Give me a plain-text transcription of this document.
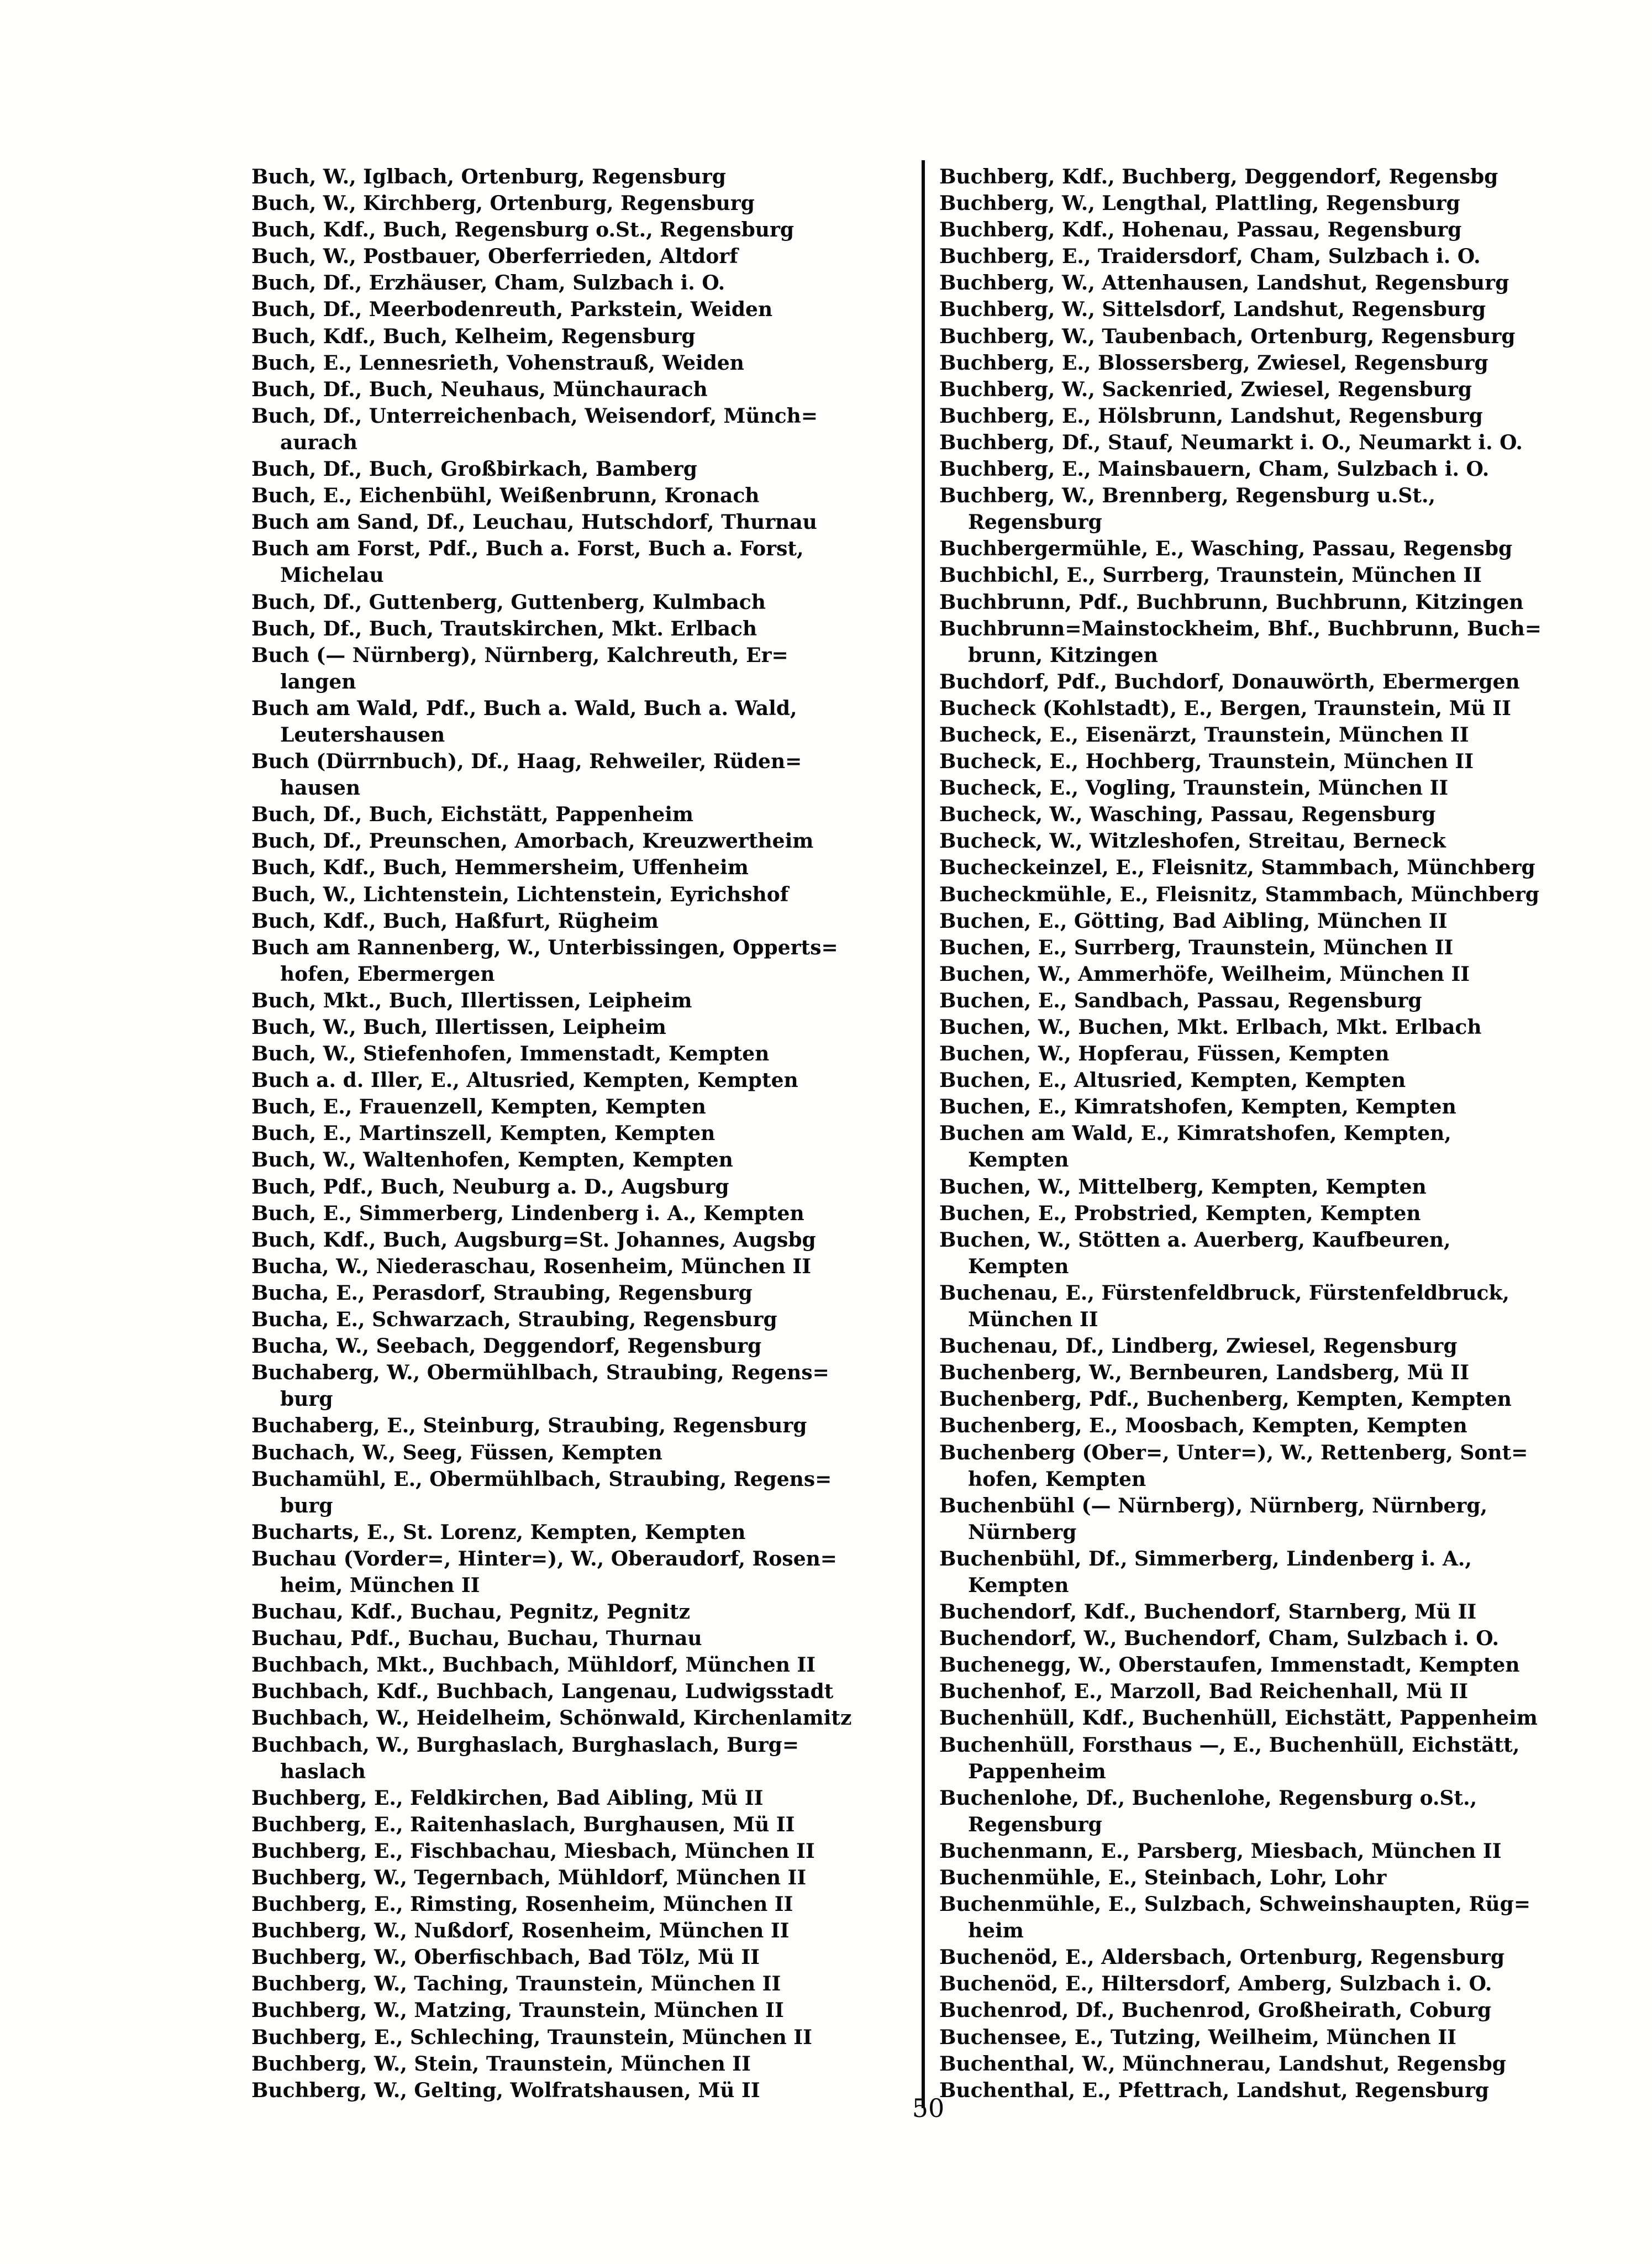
Buch, W., Iglbach, Ortenburg, Regensburg
Buch, W., Kirchberg, Ortenburg, Regensburg
Buch, Kdf., Buch, Regensburg o.St., Regensburg
Buch, W., Postbauer, Oberferrieden, Altdorf
Buch, Df., Erzhäuser, Cham, Sulzbach i. O.
Buch, Df., Meerbodenreuth, Parkstein, Weiden
Buch, Kdf., Buch, Kelheim, Regensburg
Buch, E., Lennesrieth, Vohenstrauß, Weiden
Buch, Df., Buch, Neuhaus, Münchaurach
Buch, Df., Unterreichenbach, Weisendorf, Münch=
aurach
Buch, Df., Buch, Großbirkach, Bamberg
Buch, E., Eichenbühl, Weißenbrunn, Kronach
Buch am Sand, Df., Leuchau, Hutschdorf, Thurnau
Buch am Forst, Pdf., Buch a. Forst, Buch a. Forst,
Michelau
Buch, Df., Guttenberg, Guttenberg, Kulmbach
Buch, Df., Buch, Trautskirchen, Mkt. Erlbach
Buch (— Nürnberg), Nürnberg, Kalchreuth, Er=
langen
Buch am Wald, Pdf., Buch a. Wald, Buch a. Wald,
Leutershausen
Buch (Dürrnbuch), Df., Haag, Rehweiler, Rüden=
hausen
Buch, Df., Buch, Eichstätt, Pappenheim
Buch, Df., Preunschen, Amorbach, Kreuzwertheim
Buch, Kdf., Buch, Hemmersheim, Uffenheim
Buch, W., Lichtenstein, Lichtenstein, Eyrichshof
Buch, Kdf., Buch, Haßfurt, Rügheim
Buch am Rannenberg, W., Unterbissingen, Opperts=
hofen, Ebermergen
Buch, Mkt., Buch, Illertissen, Leipheim
Buch, W., Buch, Illertissen, Leipheim
Buch, W., Stiefenhofen, Immenstadt, Kempten
Buch a. d. Iller, E., Altusried, Kempten, Kempten
Buch, E., Frauenzell, Kempten, Kempten
Buch, E., Martinszell, Kempten, Kempten
Buch, W., Waltenhofen, Kempten, Kempten
Buch, Pdf., Buch, Neuburg a. D., Augsburg
Buch, E., Simmerberg, Lindenberg i. A., Kempten
Buch, Kdf., Buch, Augsburg=St. Johannes, Augsbg
Bucha, W., Niederaschau, Rosenheim, München II
Bucha, E., Perasdorf, Straubing, Regensburg
Bucha, E., Schwarzach, Straubing, Regensburg
Bucha, W., Seebach, Deggendorf, Regensburg
Buchaberg, W., Obermühlbach, Straubing, Regens=
burg
Buchaberg, E., Steinburg, Straubing, Regensburg
Buchach, W., Seeg, Füssen, Kempten
Buchamühl, E., Obermühlbach, Straubing, Regens=
burg
Bucharts, E., St. Lorenz, Kempten, Kempten
Buchau (Vorder=, Hinter=), W., Oberaudorf, Rosen=
heim, München II
Buchau, Kdf., Buchau, Pegnitz, Pegnitz
Buchau, Pdf., Buchau, Buchau, Thurnau
Buchbach, Mkt., Buchbach, Mühldorf, München II
Buchbach, Kdf., Buchbach, Langenau, Ludwigsstadt
Buchbach, W., Heidelheim, Schönwald, Kirchenlamitz
Buchbach, W., Burghaslach, Burghaslach, Burg=
haslach
Buchberg, E., Feldkirchen, Bad Aibling, Mü II
Buchberg, E., Raitenhaslach, Burghausen, Mü II
Buchberg, E., Fischbachau, Miesbach, München II
Buchberg, W., Tegernbach, Mühldorf, München II
Buchberg, E., Rimsting, Rosenheim, München II
Buchberg, W., Nußdorf, Rosenheim, München II
Buchberg, W., Oberfischbach, Bad Tölz, Mü II
Buchberg, W., Taching, Traunstein, München II
Buchberg, W., Matzing, Traunstein, München II
Buchberg, E., Schleching, Traunstein, München II
Buchberg, W., Stein, Traunstein, München II
Buchberg, W., Gelting, Wolfratshausen, Mü II
Buchberg, Kdf., Buchberg, Deggendorf, Regensbg
Buchberg, W., Lengthal, Plattling, Regensburg
Buchberg, Kdf., Hohenau, Passau, Regensburg
Buchberg, E., Traidersdorf, Cham, Sulzbach i. O.
Buchberg, W., Attenhausen, Landshut, Regensburg
Buchberg, W., Sittelsdorf, Landshut, Regensburg
Buchberg, W., Taubenbach, Ortenburg, Regensburg
Buchberg, E., Blossersberg, Zwiesel, Regensburg
Buchberg, W., Sackenried, Zwiesel, Regensburg
Buchberg, E., Hölsbrunn, Landshut, Regensburg
Buchberg, Df., Stauf, Neumarkt i. O., Neumarkt i. O.
Buchberg, E., Mainsbauern, Cham, Sulzbach i. O.
Buchberg, W., Brennberg, Regensburg u.St.,
Regensburg
Buchbergermühle, E., Wasching, Passau, Regensbg
Buchbichl, E., Surrberg, Traunstein, München II
Buchbrunn, Pdf., Buchbrunn, Buchbrunn, Kitzingen
Buchbrunn=Mainstockheim, Bhf., Buchbrunn, Buch=
brunn, Kitzingen
Buchdorf, Pdf., Buchdorf, Donauwörth, Ebermergen
Bucheck (Kohlstadt), E., Bergen, Traunstein, Mü II
Bucheck, E., Eisenärzt, Traunstein, München II
Bucheck, E., Hochberg, Traunstein, München II
Bucheck, E., Vogling, Traunstein, München II
Bucheck, W., Wasching, Passau, Regensburg
Bucheck, W., Witzleshofen, Streitau, Berneck
Bucheckeinzel, E., Fleisnitz, Stammbach, Münchberg
Bucheckmühle, E., Fleisnitz, Stammbach, Münchberg
Buchen, E., Götting, Bad Aibling, München II
Buchen, E., Surrberg, Traunstein, München II
Buchen, W., Ammerhöfe, Weilheim, München II
Buchen, E., Sandbach, Passau, Regensburg
Buchen, W., Buchen, Mkt. Erlbach, Mkt. Erlbach
Buchen, W., Hopferau, Füssen, Kempten
Buchen, E., Altusried, Kempten, Kempten
Buchen, E., Kimratshofen, Kempten, Kempten
Buchen am Wald, E., Kimratshofen, Kempten,
Kempten
Buchen, W., Mittelberg, Kempten, Kempten
Buchen, E., Probstried, Kempten, Kempten
Buchen, W., Stötten a. Auerberg, Kaufbeuren,
Kempten
Buchenau, E., Fürstenfeldbruck, Fürstenfeldbruck,
München II
Buchenau, Df., Lindberg, Zwiesel, Regensburg
Buchenberg, W., Bernbeuren, Landsberg, Mü II
Buchenberg, Pdf., Buchenberg, Kempten, Kempten
Buchenberg, E., Moosbach, Kempten, Kempten
Buchenberg (Ober=, Unter=), W., Rettenberg, Sont=
hofen, Kempten
Buchenbühl (— Nürnberg), Nürnberg, Nürnberg,
Nürnberg
Buchenbühl, Df., Simmerberg, Lindenberg i. A.,
Kempten
Buchendorf, Kdf., Buchendorf, Starnberg, Mü II
Buchendorf, W., Buchendorf, Cham, Sulzbach i. O.
Buchenegg, W., Oberstaufen, Immenstadt, Kempten
Buchenhof, E., Marzoll, Bad Reichenhall, Mü II
Buchenhüll, Kdf., Buchenhüll, Eichstätt, Pappenheim
Buchenhüll, Forsthaus —, E., Buchenhüll, Eichstätt,
Pappenheim
Buchenlohe, Df., Buchenlohe, Regensburg o.St.,
Regensburg
Buchenmann, E., Parsberg, Miesbach, München II
Buchenmühle, E., Steinbach, Lohr, Lohr
Buchenmühle, E., Sulzbach, Schweinshaupten, Rüg=
heim
Buchenöd, E., Aldersbach, Ortenburg, Regensburg
Buchenöd, E., Hiltersdorf, Amberg, Sulzbach i. O.
Buchenrod, Df., Buchenrod, Großheirath, Coburg
Buchensee, E., Tutzing, Weilheim, München II
Buchenthal, W., Münchnerau, Landshut, Regensbg
Buchenthal, E., Pfettrach, Landshut, Regensburg
50
